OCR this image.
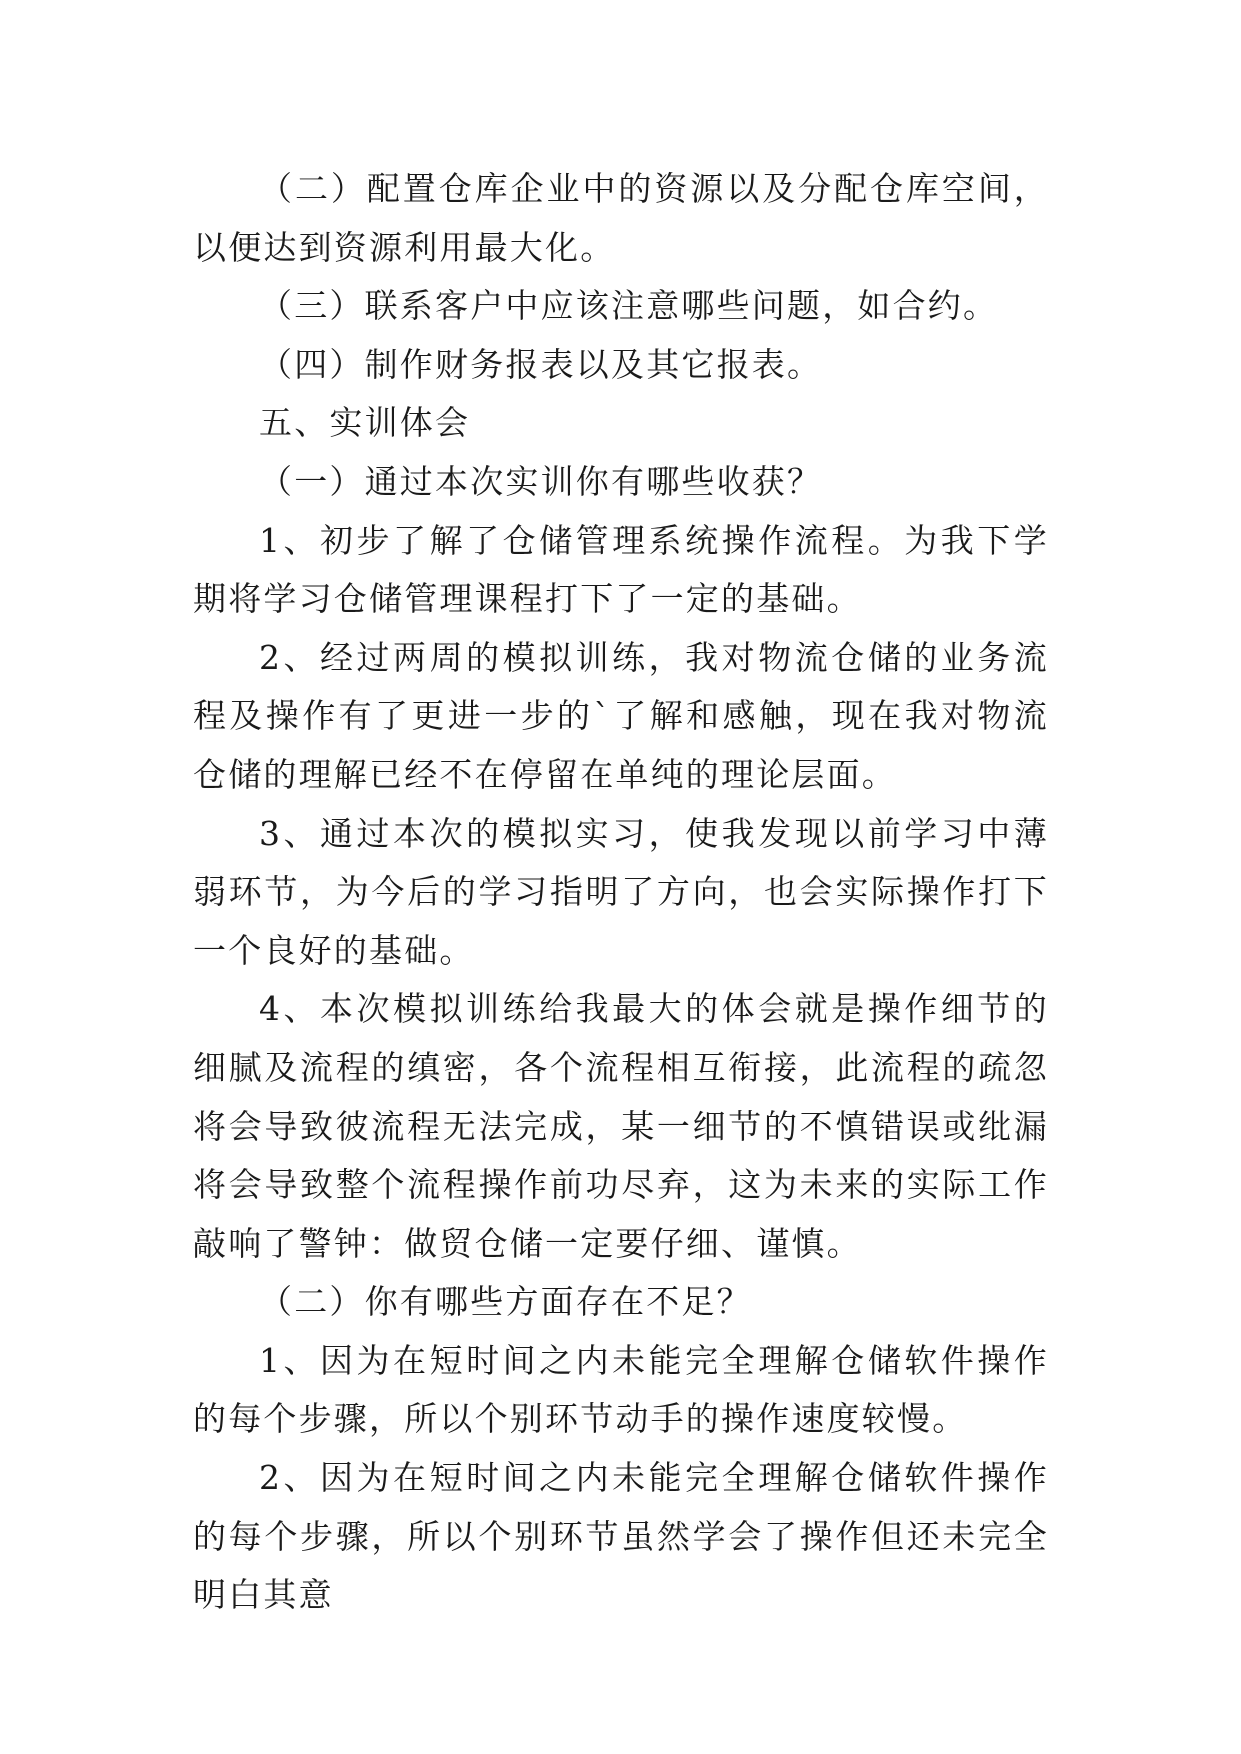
（二）配置仓库企业中的资源以及分配仓库空间，以便达到资源利用最大化。

（三）联系客户中应该注意哪些问题，如合约。

（四）制作财务报表以及其它报表。

五、实训体会

（一）通过本次实训你有哪些收获？

1、初步了解了仓储管理系统操作流程。为我下学期将学习仓储管理课程打下了一定的基础。

2、经过两周的模拟训练，我对物流仓储的业务流程及操作有了更进一步的`了解和感触，现在我对物流仓储的理解已经不在停留在单纯的理论层面。

3、通过本次的模拟实习，使我发现以前学习中薄弱环节，为今后的学习指明了方向，也会实际操作打下一个良好的基础。

4、本次模拟训练给我最大的体会就是操作细节的细腻及流程的缜密，各个流程相互衔接，此流程的疏忽将会导致彼流程无法完成，某一细节的不慎错误或纰漏将会导致整个流程操作前功尽弃，这为未来的实际工作敲响了警钟：做贸仓储一定要仔细、谨慎。

（二）你有哪些方面存在不足？

1、因为在短时间之内未能完全理解仓储软件操作的每个步骤，所以个别环节动手的操作速度较慢。

2、因为在短时间之内未能完全理解仓储软件操作的每个步骤，所以个别环节虽然学会了操作但还未完全明白其意
